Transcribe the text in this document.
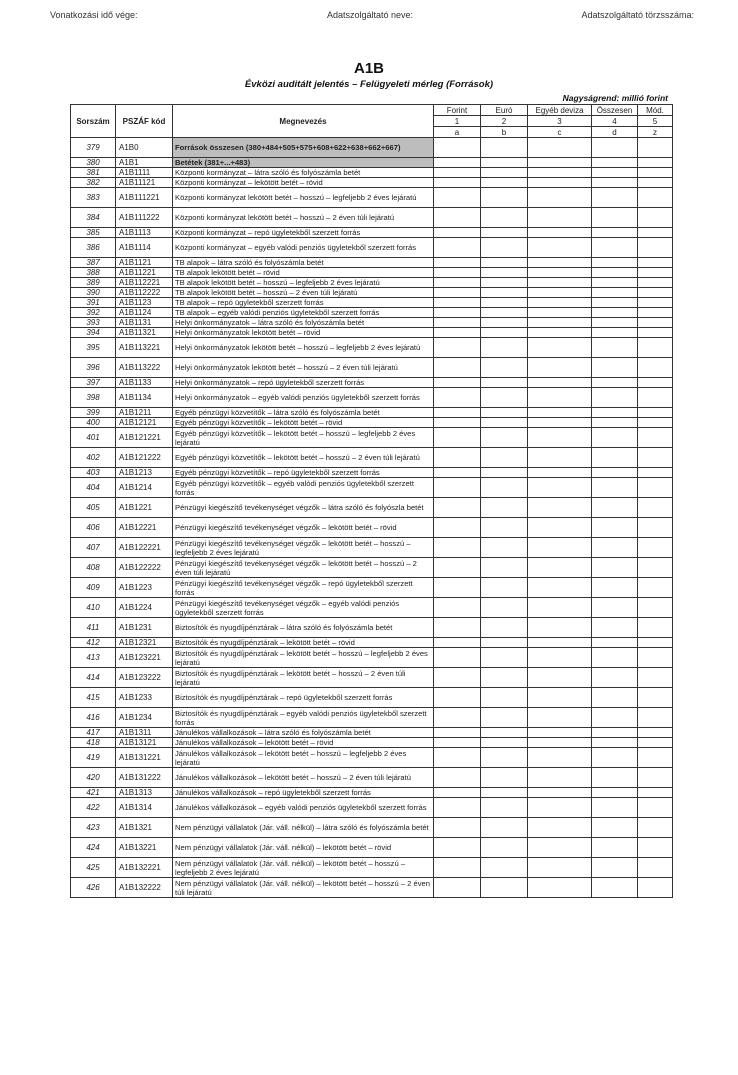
Vonatkozási idő vége:	Adatszolgáltató neve:	Adatszolgáltató törzsszáma:
A1B
Évközi auditált jelentés – Felügyeleti mérleg (Források)
Nagyságrend: millió forint
Sorszám	PSZÁF kód	Megnevezés	Forint	Euró	Egyéb deviza	Összesen	Mód.
			1	2	3	4	5
			a	b	c	d	z
379	A1B0	Források összesen (380+484+505+575+608+622+638+662+667)					
380	A1B1	Betétek (381+...+483)					
381	A1B1111	Központi kormányzat – látra szóló és folyószámla betét					
382	A1B11121	Központi kormányzat – lekötött betét – rövid					
383	A1B111221	Központi kormányzat lekötött betét – hosszú – legfeljebb 2 éves lejáratú					
384	A1B111222	Központi kormányzat lekötött betét – hosszú – 2 éven túli lejáratú					
385	A1B1113	Központi kormányzat – repó ügyletekből szerzett forrás					
386	A1B1114	Központi kormányzat – egyéb valódi penziós ügyletekből szerzett forrás					
387	A1B1121	TB alapok – látra szóló és folyószámla betét					
388	A1B11221	TB alapok lekötött betét – rövid					
389	A1B112221	TB alapok lekötött betét – hosszú – legfeljebb 2 éves lejáratú					
390	A1B112222	TB alapok lekötött betét – hosszú – 2 éven túli lejáratú					
391	A1B1123	TB alapok – repó ügyletekből szerzett forrás					
392	A1B1124	TB alapok – egyéb valódi penziós ügyletekből szerzett forrás					
393	A1B1131	Helyi önkormányzatok – látra szóló és folyószámla betét					
394	A1B11321	Helyi önkormányzatok lekötött betét – rövid					
395	A1B113221	Helyi önkormányzatok lekötött betét – hosszú – legfeljebb 2 éves lejáratú					
396	A1B113222	Helyi önkormányzatok lekötött betét – hosszú – 2 éven túli lejáratú					
397	A1B1133	Helyi önkormányzatok – repó ügyletekből szerzett forrás					
398	A1B1134	Helyi önkormányzatok – egyéb valódi penziós ügyletekből szerzett forrás					
399	A1B1211	Egyéb pénzügyi közvetítők – látra szóló és folyószámla betét					
400	A1B12121	Egyéb pénzügyi közvetítők – lekötött betét – rövid					
401	A1B121221	Egyéb pénzügyi közvetítők – lekötött betét – hosszú – legfeljebb 2 éves lejáratú					
402	A1B121222	Egyéb pénzügyi közvetítők – lekötött betét – hosszú – 2 éven túli lejáratú					
403	A1B1213	Egyéb pénzügyi közvetítők – repó ügyletekből szerzett forrás					
404	A1B1214	Egyéb pénzügyi közvetítők – egyéb valódi penziós ügyletekből szerzett forrás					
405	A1B1221	Pénzügyi kiegészítő tevékenységet végzők – látra szóló és folyószla betét					
406	A1B12221	Pénzügyi kiegészítő tevékenységet végzők – lekötött betét – rövid					
407	A1B122221	Pénzügyi kiegészítő tevékenységet végzők – lekötött betét – hosszú – legfeljebb 2 éves lejáratú					
408	A1B122222	Pénzügyi kiegészítő tevékenységet végzők – lekötött betét – hosszú – 2 éven túli lejáratú					
409	A1B1223	Pénzügyi kiegészítő tevékenységet végzők – repó ügyletekből szerzett forrás					
410	A1B1224	Pénzügyi kiegészítő tevékenységet végzők – egyéb valódi penziós ügyletekből szerzett forrás					
411	A1B1231	Biztosítók és nyugdíjpénztárak – látra szóló és folyószámla betét					
412	A1B12321	Biztosítók és nyugdíjpénztárak – lekötött betét – rövid					
413	A1B123221	Biztosítók és nyugdíjpénztárak – lekötött betét – hosszú – legfeljebb 2 éves lejáratú					
414	A1B123222	Biztosítók és nyugdíjpénztárak – lekötött betét – hosszú – 2 éven túli lejáratú					
415	A1B1233	Biztosítók és nyugdíjpénztárak – repó ügyletekből szerzett forrás					
416	A1B1234	Biztosítók és nyugdíjpénztárak – egyéb valódi penziós ügyletekből szerzett forrás					
417	A1B1311	Jánulékos vállalkozások – látra szóló és folyószámla betét					
418	A1B13121	Jánulékos vállalkozások – lekötött betét – rövid					
419	A1B131221	Jánulékos vállalkozások – lekötött betét – hosszú – legfeljebb 2 éves lejáratú					
420	A1B131222	Jánulékos vállalkozások – lekötött betét – hosszú – 2 éven túli lejáratú					
421	A1B1313	Jánulékos vállalkozások – repó ügyletekből szerzett forrás					
422	A1B1314	Jánulékos vállalkozások – egyéb valódi penziós ügyletekből szerzett forrás					
423	A1B1321	Nem pénzügyi vállalatok (Jár. váll. nélkül) – látra szóló és folyószámla betét					
424	A1B13221	Nem pénzügyi vállalatok (Jár. váll. nélkül) – lekötött betét – rövid					
425	A1B132221	Nem pénzügyi vállalatok (Jár. váll. nélkül) – lekötött betét – hosszú – legfeljebb 2 éves lejáratú					
426	A1B132222	Nem pénzügyi vállalatok (Jár. váll. nélkül) – lekötött betét – hosszú – 2 éven túli lejáratú					
